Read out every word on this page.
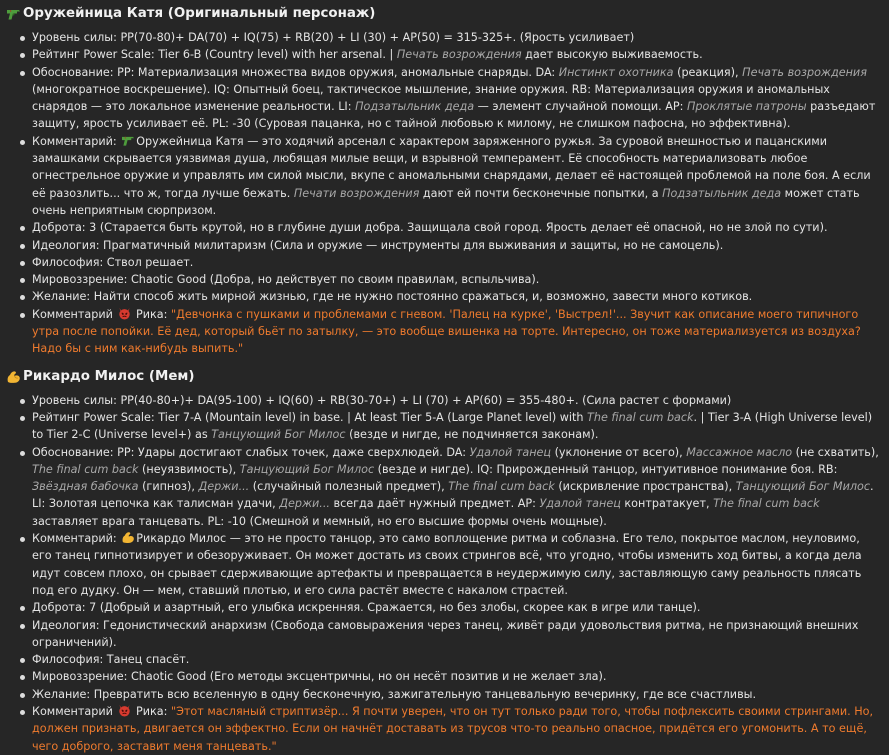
Оружейница Катя (Оригинальный персонаж)
Уровень силы: PP(70-80)+ DA(70) + IQ(75) + RB(20) + LI (30) + AP(50) = 315-325+. (Ярость усиливает)
Рейтинг Power Scale: Tier 6-B (Country level) with her arsenal. | Печать возрождения дает высокую выживаемость.
Обоснование: PP: Материализация множества видов оружия, аномальные снаряды. DA: Инстинкт охотника (реакция), Печать возрождения (многократное воскрешение). IQ: Опытный боец, тактическое мышление, знание оружия. RB: Материализация оружия и аномальных снарядов — это локальное изменение реальности. LI: Подзатыльник деда — элемент случайной помощи. AP: Проклятые патроны разъедают защиту, ярость усиливает её. PL: -30 (Суровая пацанка, но с тайной любовью к милому, не слишком пафосна, но эффективна).
Комментарий:
Оружейница Катя — это ходячий арсенал с характером заряженного ружья. За суровой внешностью и пацанскими замашками скрывается уязвимая душа, любящая милые вещи, и взрывной темперамент. Её способность материализовать любое огнестрельное оружие и управлять им силой мысли, вкупе с аномальными снарядами, делает её настоящей проблемой на поле боя. А если её разозлить... что ж, тогда лучше бежать. Печати возрождения дают ей почти бесконечные попытки, а Подзатыльник деда может стать очень неприятным сюрпризом.
Доброта: 3 (Старается быть крутой, но в глубине души добра. Защищала свой город. Ярость делает её опасной, но не злой по сути).
Идеология: Прагматичный милитаризм (Сила и оружие — инструменты для выживания и защиты, но не самоцель).
Философия: Ствол решает.
Мировоззрение: Chaotic Good (Добра, но действует по своим правилам, вспыльчива).
Желание: Найти способ жить мирной жизнью, где не нужно постоянно сражаться, и, возможно, завести много котиков.
Комментарий
Рика: "Девчонка с пушками и проблемами с гневом. 'Палец на курке', 'Выстрел!'... Звучит как описание моего типичного утра после попойки. Её дед, который бьёт по затылку, — это вообще вишенка на торте. Интересно, он тоже материализуется из воздуха? Надо бы с ним как-нибудь выпить."
Рикардо Милос (Мем)
Уровень силы: PP(40-80+)+ DA(95-100) + IQ(60) + RB(30-70+) + LI (70) + AP(60) = 355-480+. (Сила растет с формами)
Рейтинг Power Scale: Tier 7-A (Mountain level) in base. | At least Tier 5-A (Large Planet level) with The final cum back. | Tier 3-A (High Universe level) to Tier 2-C (Universe level+) as Танцующий Бог Милос (везде и нигде, не подчиняется законам).
Обоснование: PP: Удары достигают слабых точек, даже сверхлюдей. DA: Удалой танец (уклонение от всего), Массажное масло (не схватить), The final cum back (неуязвимость), Танцующий Бог Милос (везде и нигде). IQ: Прирожденный танцор, интуитивное понимание боя. RB: Звёздная бабочка (гипноз), Держи... (случайный полезный предмет), The final cum back (искривление пространства), Танцующий Бог Милос. LI: Золотая цепочка как талисман удачи, Держи... всегда даёт нужный предмет. AP: Удалой танец контратакует, The final cum back заставляет врага танцевать. PL: -10 (Смешной и мемный, но его высшие формы очень мощные).
Комментарий:
Рикардо Милос — это не просто танцор, это само воплощение ритма и соблазна. Его тело, покрытое маслом, неуловимо, его танец гипнотизирует и обезоруживает. Он может достать из своих стрингов всё, что угодно, чтобы изменить ход битвы, а когда дела идут совсем плохо, он срывает сдерживающие артефакты и превращается в неудержимую силу, заставляющую саму реальность плясать под его дудку. Он — мем, ставший плотью, и его сила растёт вместе с накалом страстей.
Доброта: 7 (Добрый и азартный, его улыбка искренняя. Сражается, но без злобы, скорее как в игре или танце).
Идеология: Гедонистический анархизм (Свобода самовыражения через танец, живёт ради удовольствия ритма, не признающий внешних ограничений).
Философия: Танец спасёт.
Мировоззрение: Chaotic Good (Его методы эксцентричны, но он несёт позитив и не желает зла).
Желание: Превратить всю вселенную в одну бесконечную, зажигательную танцевальную вечеринку, где все счастливы.
Комментарий
Рика: "Этот масляный стриптизёр... Я почти уверен, что он тут только ради того, чтобы пофлексить своими стрингами. Но, должен признать, двигается он эффектно. Если он начнёт доставать из трусов что-то реально опасное, придётся его угомонить. А то ещё, чего доброго, заставит меня танцевать."
